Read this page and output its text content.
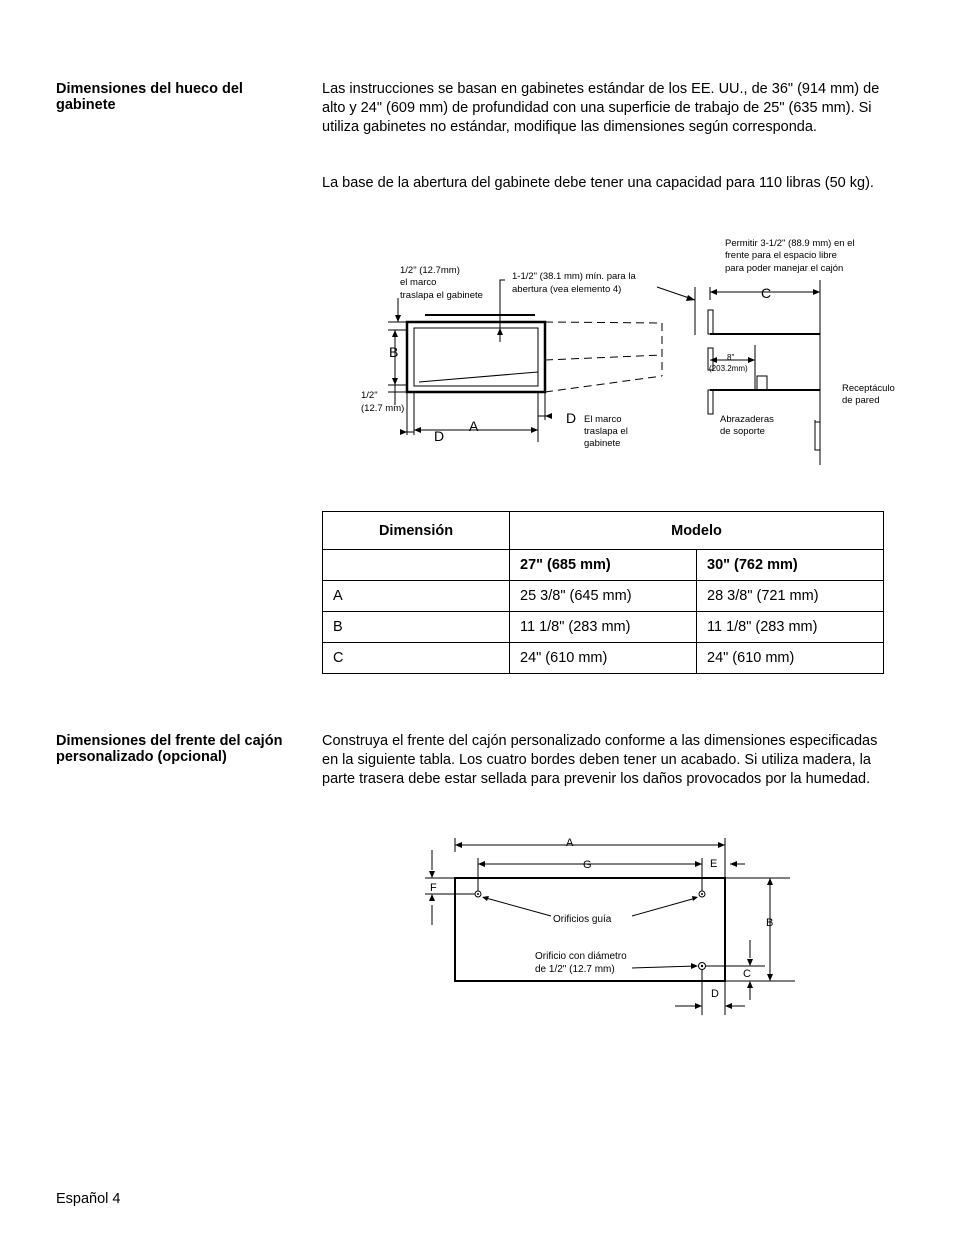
Dimensiones del hueco del gabinete
Las instrucciones se basan en gabinetes estándar de los EE. UU., de 36" (914 mm) de alto y 24" (609 mm) de profundidad con una superficie de trabajo de 25" (635 mm). Si utiliza gabinetes no estándar, modifique las dimensiones según corresponda.
La base de la abertura del gabinete debe tener una capacidad para 110 libras (50 kg).
1/2" (12.7mm)
el marco
traslapa el gabinete
1-1/2" (38.1 mm) mín. para la
abertura (vea elemento 4)
Permitir 3-1/2" (88.9 mm) en el
frente para el espacio libre
para poder manejar el cajón
C
B
1/2"
(12.7 mm)
A
D
D El marco
traslapa el
gabinete
8"
(203.2mm)
Abrazaderas
de soporte
Receptáculo
de pared
Dimensión	Modelo	
	27" (685 mm)	30" (762 mm)
A	25 3/8" (645 mm)	28 3/8" (721 mm)
B	11 1/8" (283 mm)	11 1/8" (283 mm)
C	24" (610 mm)	24" (610 mm)
Dimensiones del frente del cajón personalizado (opcional)
Construya el frente del cajón personalizado conforme a las dimensiones especificadas en la siguiente tabla. Los cuatro bordes deben tener un acabado. Si utiliza madera, la parte trasera debe estar sellada para prevenir los daños provocados por la humedad.
A
G	E
F
B
C
D
Orificios guía
Orificio con diámetro
de 1/2" (12.7 mm)
Español 4
